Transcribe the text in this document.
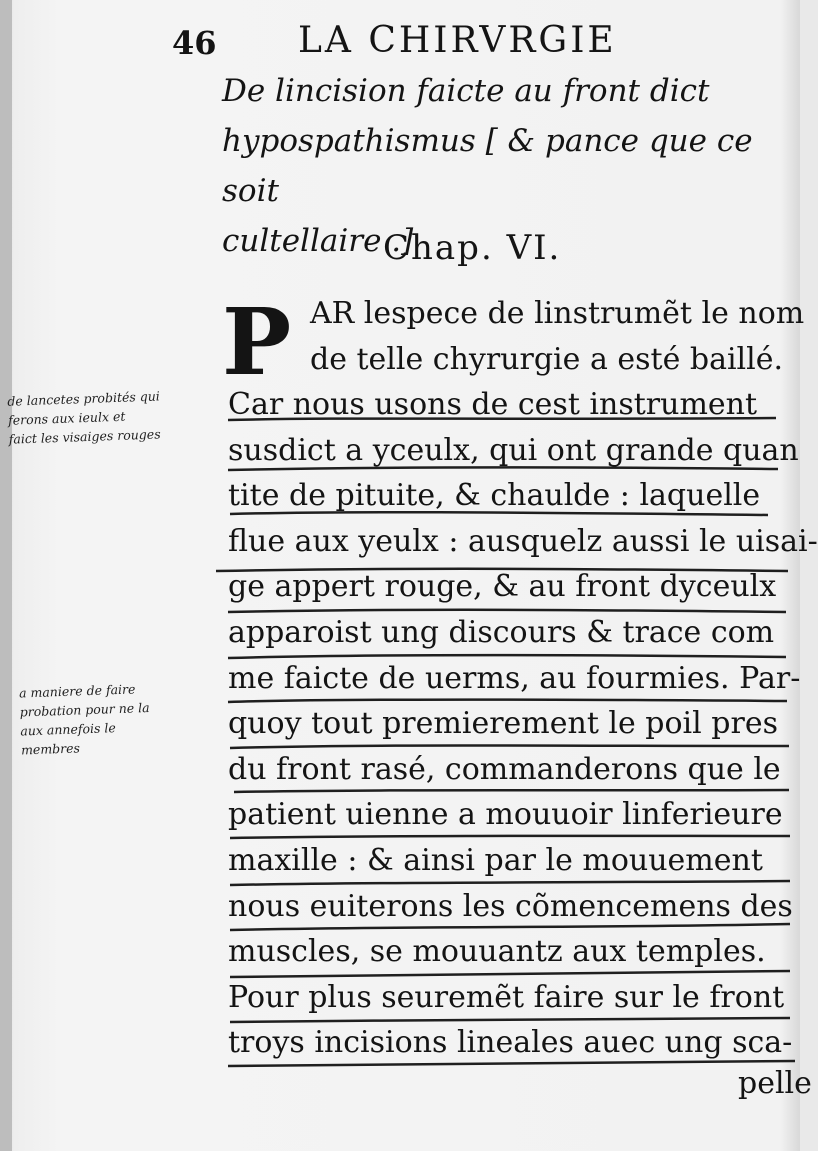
46 LA CHIRVRGIE
De lincision faicte au front dict
hypospathismus [ & pance que ce soit
cultellaire .]
Chap. VI.
P AR lespece de linstrumẽt le nom
de telle chyrurgie a esté baillé.
Car nous usons de cest instrument
susdict a yceulx, qui ont grande quan
tite de pituite, & chaulde : laquelle
flue aux yeulx : ausquelz aussi le uisai-
ge appert rouge, & au front dyceulx
apparoist ung discours & trace com
me faicte de uerms, au fourmies. Par-
quoy tout premierement le poil pres
du front rasé, commanderons que le
patient uienne a mouuoir linferieure
maxille : & ainsi par le mouuement
nous euiterons les cõmencemens des
muscles, se mouuantz aux temples.
Pour plus seuremẽt faire sur le front
troys incisions lineales auec ung sca-
pelle
de lancetes probités qui
ferons aux ieulx et
faict les visaiges rouges
a maniere de faire
probation pour ne la
aux annefois le
membres
